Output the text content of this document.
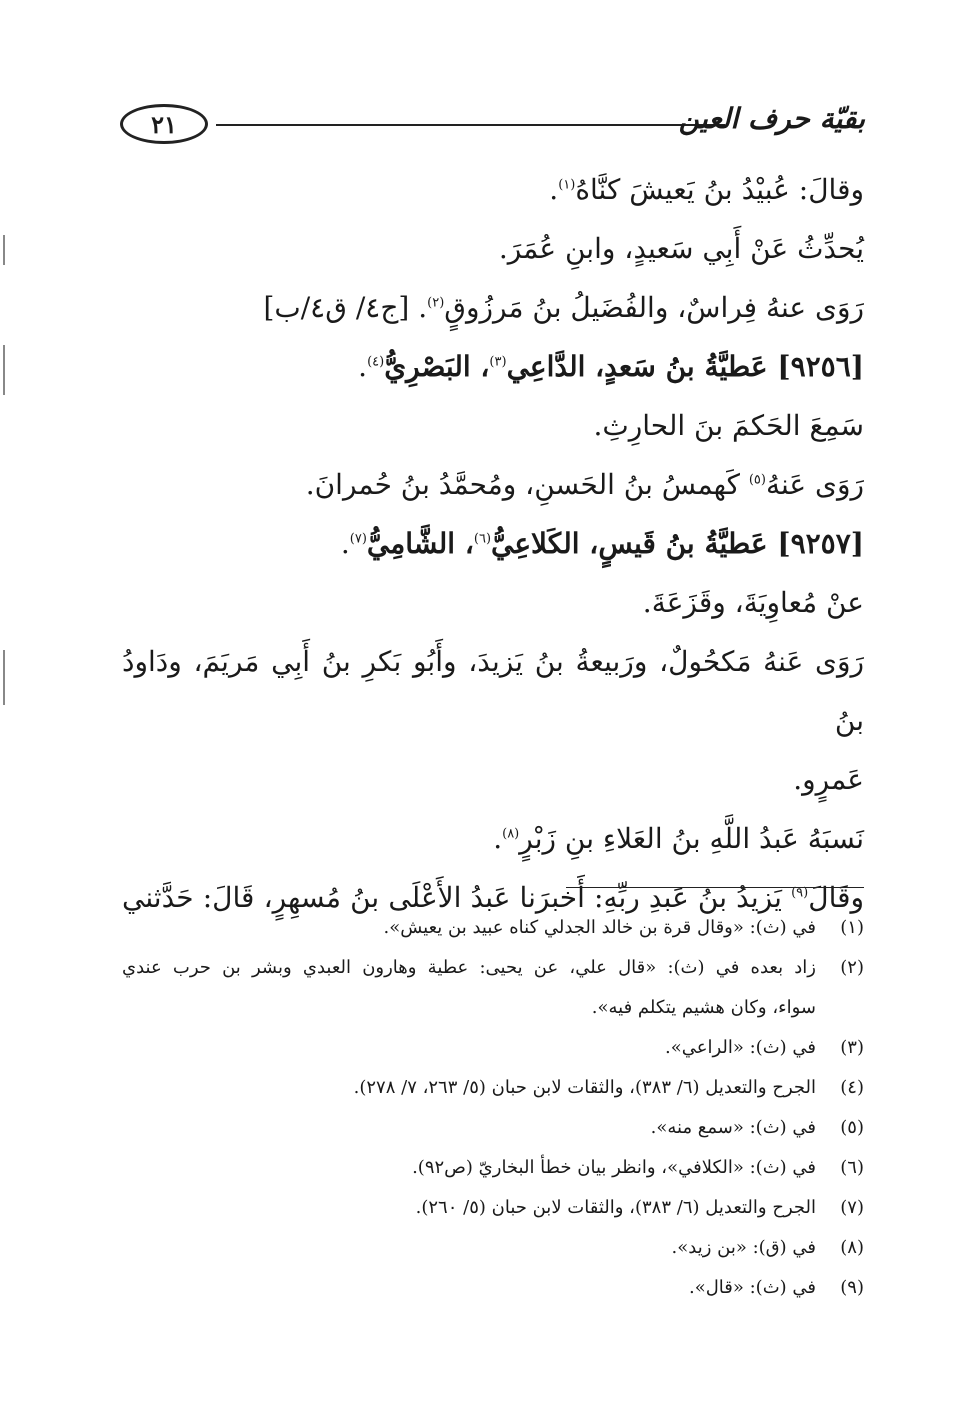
٢١	بقيّة حرف العين

وقالَ: عُبيْدُ بنُ يَعيشَ كنَّاهُ$^{(١)}$.

يُحدِّثُ عَنْ أَبِي سَعيدٍ، وابنِ عُمَرَ.

رَوَى عنهُ فِراسٌ، والفُضَيلُ بنُ مَرزُوقٍ$^{(٢)}$. [ج٤/ ق٤/ب]

[٩٢٥٦] عَطيَّةُ بنُ سَعدٍ، الدَّاعِي$^{(٣)}$، البَصْرِيُّ$^{(٤)}$.

سَمِعَ الحَكمَ بنَ الحارِثِ.

رَوَى عَنهُ$^{(٥)}$ كَهمسُ بنُ الحَسنِ، ومُحمَّدُ بنُ حُمرانَ.

[٩٢٥٧] عَطيَّةُ بنُ قَيسٍ، الكَلاعِيُّ$^{(٦)}$، الشَّامِيُّ$^{(٧)}$.

عنْ مُعاوِيَةَ، وقَزَعَةَ.

رَوَى عَنهُ مَكحُولٌ، ورَبيعةُ بنُ يَزيدَ، وأَبُو بَكرِ بنُ أَبِي مَريَمَ، ودَاودُ بنُ

عَمرٍو.

نَسبَهُ عَبدُ اللَّهِ بنُ العَلاءِ بنِ زَبْرٍ$^{(٨)}$.

وقَالَ$^{(٩)}$ يَزيدُ بنُ عَبدِ ربِّهِ: أَخبرَنا عَبدُ الأَعْلَى بنُ مُسهِرٍ، قَالَ: حَدَّثني

(١)
في (ث): «وقال قرة بن خالد الجدلي كناه عبيد بن يعيش».
(٢)
زاد بعده في (ث): «قال علي، عن يحيى: عطية وهارون العبدي وبشر بن حرب عندي
سواء، وكان هشيم يتكلم فيه».
(٣)
في (ث): «الراعي».
(٤)
الجرح والتعديل (٦/ ٣٨٣)، والثقات لابن حبان (٥/ ٢٦٣، ٧/ ٢٧٨).
(٥)
في (ث): «سمع منه».
(٦)
في (ث): «الكلافي»، وانظر بيان خطأ البخاريّ (ص٩٢).
(٧)
الجرح والتعديل (٦/ ٣٨٣)، والثقات لابن حبان (٥/ ٢٦٠).
(٨)
في (ق): «بن زيد».
(٩)
في (ث): «قال».
